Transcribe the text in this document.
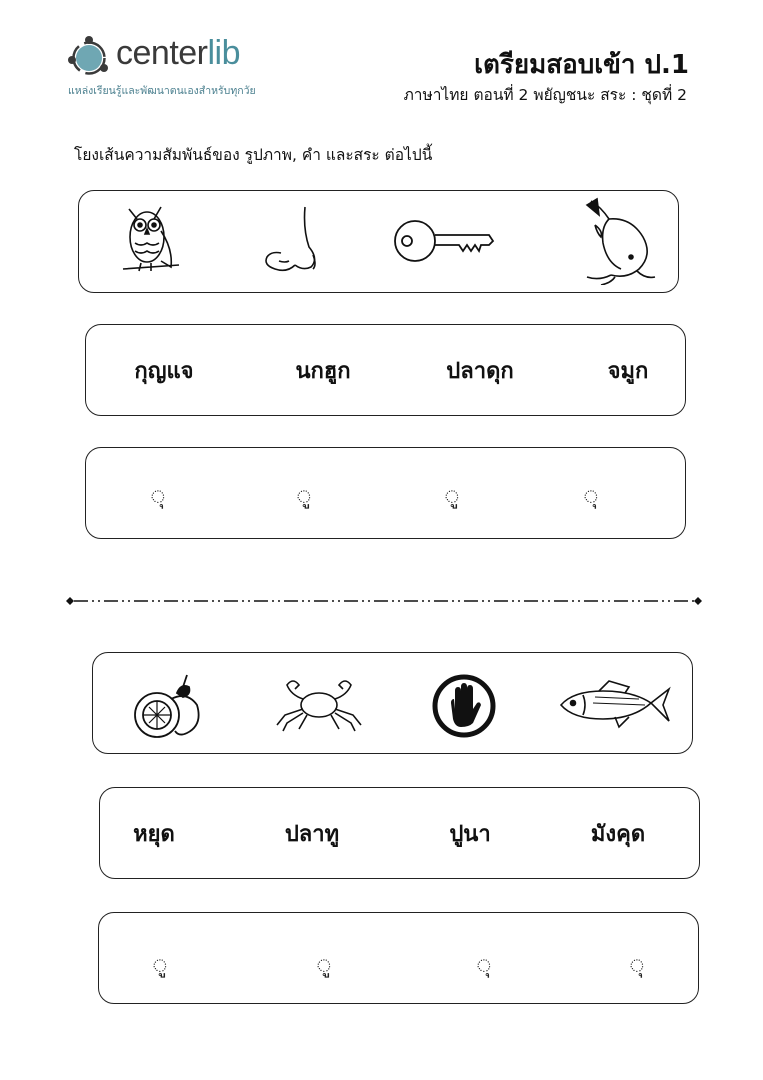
centerlib
แหล่งเรียนรู้และพัฒนาตนเองสำหรับทุกวัย
เตรียมสอบเข้า ป.1
ภาษาไทย ตอนที่ 2 พยัญชนะ สระ : ชุดที่ 2
โยงเส้นความสัมพันธ์ของ รูปภาพ, คำ และสระ ต่อไปนี้
กุญแจ	นกฮูก	ปลาดุก	จมูก
◌	◌	◌	◌
หยุด	ปลาทู	ปูนา	มังคุด
◌	◌	◌	◌
